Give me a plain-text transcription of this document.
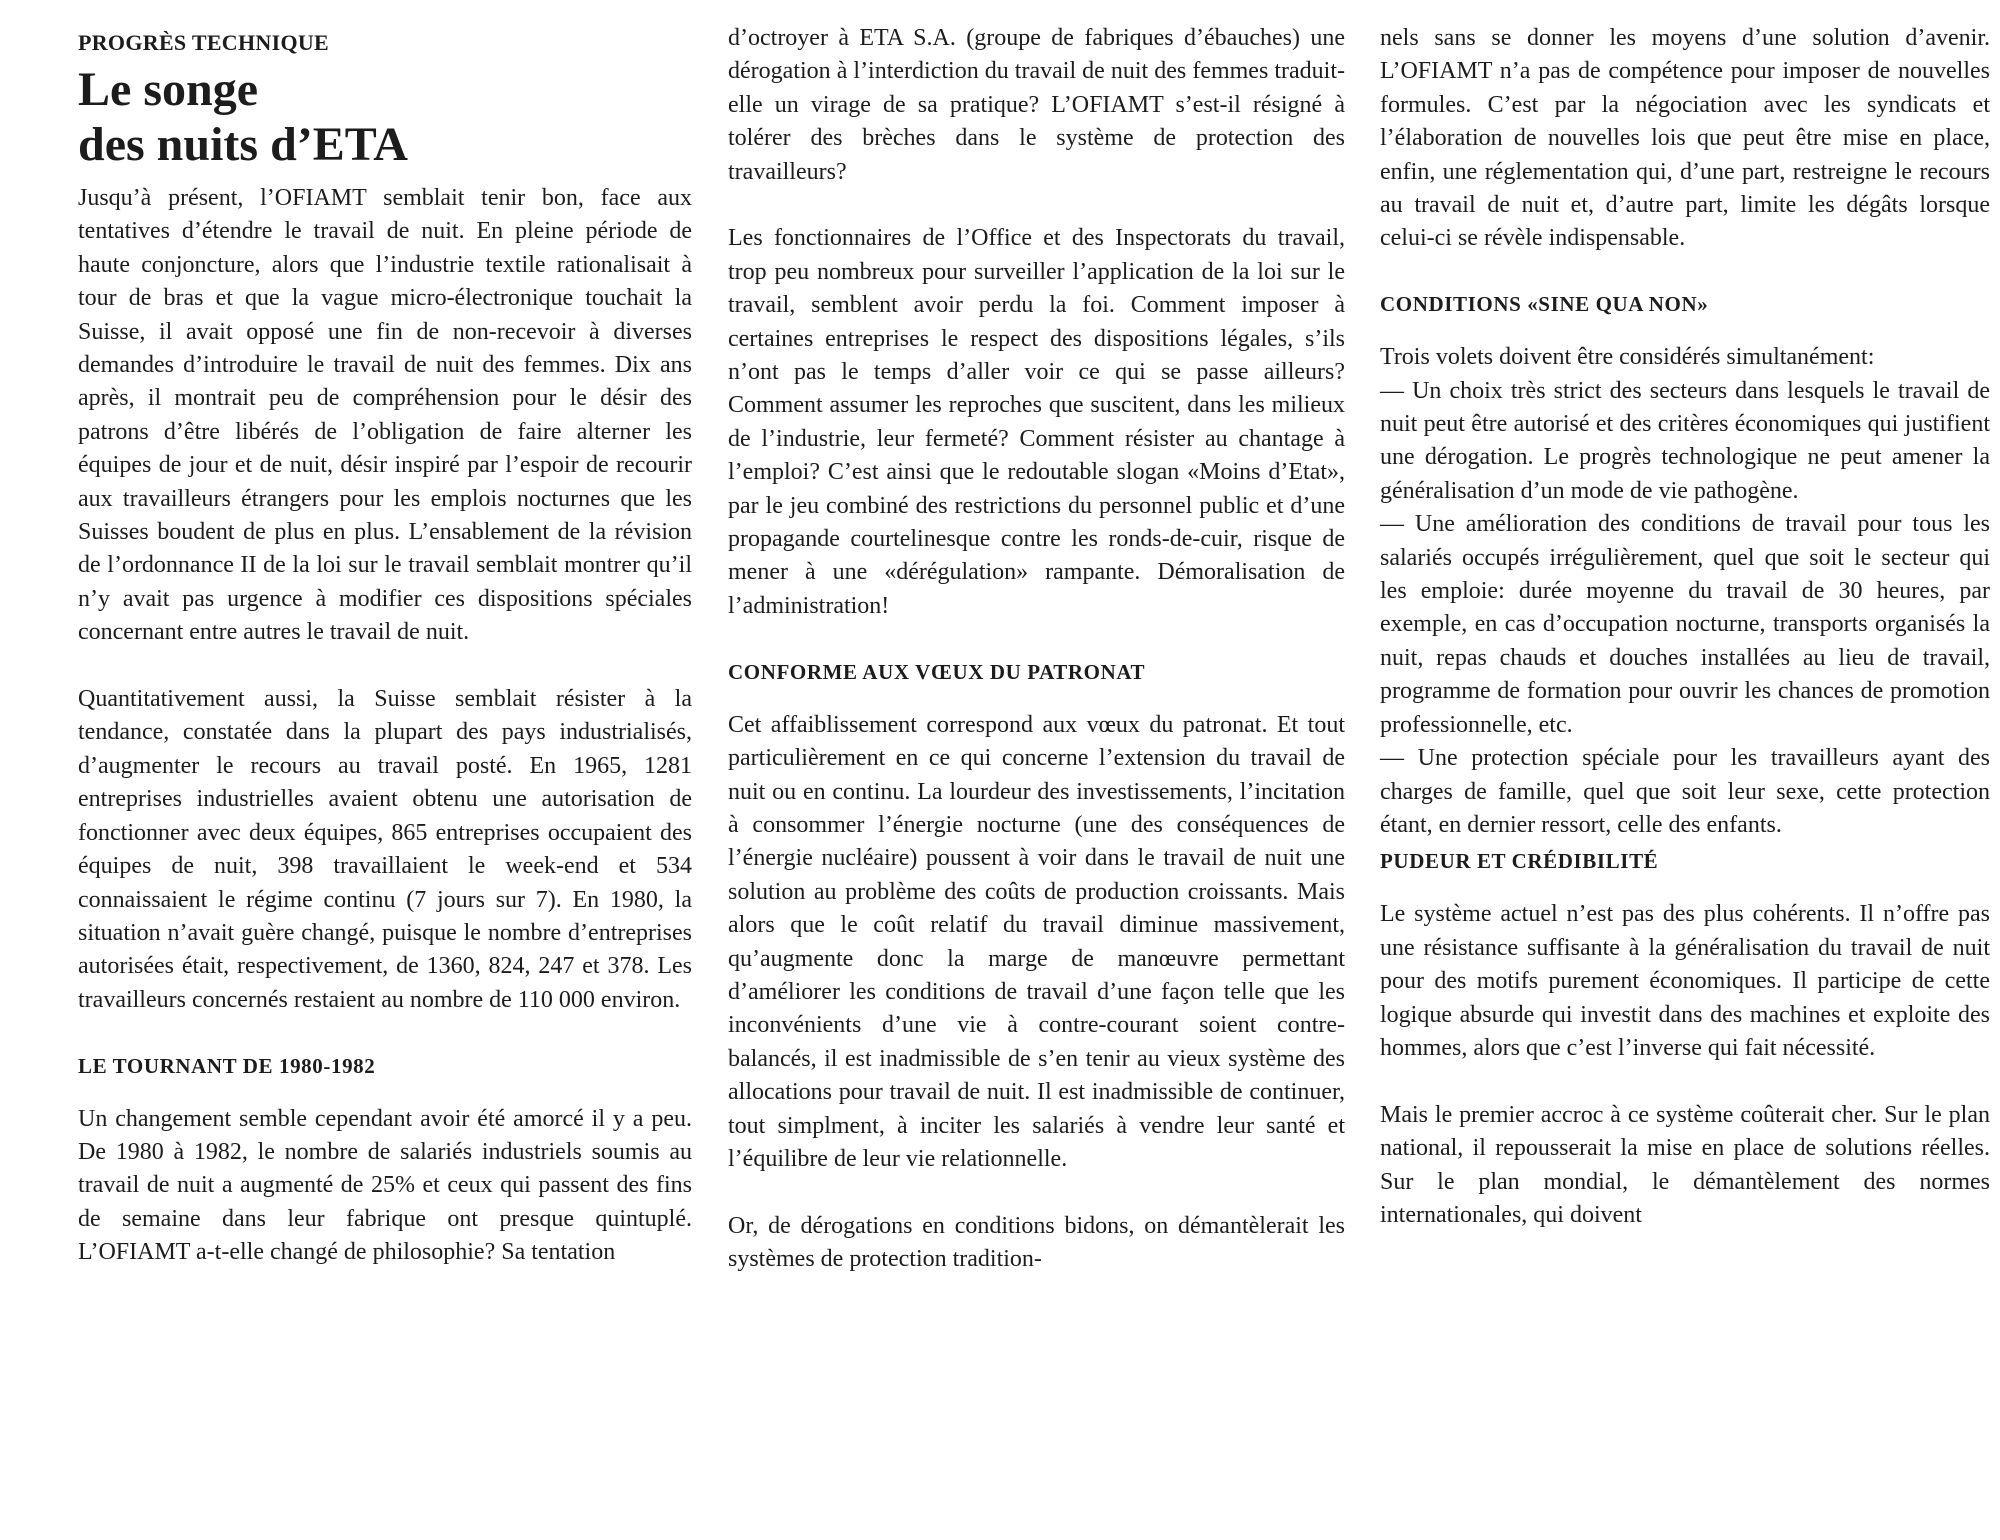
PROGRÈS TECHNIQUE
Le songe
des nuits d’ETA

Jusqu’à présent, l’OFIAMT semblait tenir bon, face aux tentatives d’étendre le travail de nuit. En pleine période de haute conjoncture, alors que l’industrie textile rationalisait à tour de bras et que la vague micro-électronique touchait la Suisse, il avait opposé une fin de non-recevoir à diverses demandes d’introduire le travail de nuit des femmes. Dix ans après, il montrait peu de compréhension pour le désir des patrons d’être libérés de l’obligation de faire alterner les équipes de jour et de nuit, désir inspiré par l’espoir de recourir aux travailleurs étrangers pour les emplois nocturnes que les Suisses boudent de plus en plus. L’ensablement de la révision de l’ordonnance II de la loi sur le travail semblait montrer qu’il n’y avait pas urgence à modifier ces dispositions spéciales concernant entre autres le travail de nuit.

Quantitativement aussi, la Suisse semblait résister à la tendance, constatée dans la plupart des pays industrialisés, d’augmenter le recours au travail posté. En 1965, 1281 entreprises industrielles avaient obtenu une autorisation de fonctionner avec deux équipes, 865 entreprises occupaient des équipes de nuit, 398 travaillaient le week-end et 534 connaissaient le régime continu (7 jours sur 7). En 1980, la situation n’avait guère changé, puisque le nombre d’entreprises autorisées était, respectivement, de 1360, 824, 247 et 378. Les travailleurs concernés restaient au nombre de 110 000 environ.

LE TOURNANT DE 1980-1982

Un changement semble cependant avoir été amorcé il y a peu. De 1980 à 1982, le nombre de salariés industriels soumis au travail de nuit a augmenté de 25% et ceux qui passent des fins de semaine dans leur fabrique ont presque quintuplé. L’OFIAMT a-t-elle changé de philosophie? Sa tentation

d’octroyer à ETA S.A. (groupe de fabriques d’ébauches) une dérogation à l’interdiction du travail de nuit des femmes traduit-elle un virage de sa pratique? L’OFIAMT s’est-il résigné à tolérer des brèches dans le système de protection des travailleurs?

Les fonctionnaires de l’Office et des Inspectorats du travail, trop peu nombreux pour surveiller l’application de la loi sur le travail, semblent avoir perdu la foi. Comment imposer à certaines entreprises le respect des dispositions légales, s’ils n’ont pas le temps d’aller voir ce qui se passe ailleurs? Comment assumer les reproches que suscitent, dans les milieux de l’industrie, leur fermeté? Comment résister au chantage à l’emploi? C’est ainsi que le redoutable slogan «Moins d’Etat», par le jeu combiné des restrictions du personnel public et d’une propagande courtelinesque contre les ronds-de-cuir, risque de mener à une «dérégulation» rampante. Démoralisation de l’administration!

CONFORME AUX VŒUX DU PATRONAT

Cet affaiblissement correspond aux vœux du patronat. Et tout particulièrement en ce qui concerne l’extension du travail de nuit ou en continu. La lourdeur des investissements, l’incitation à consommer l’énergie nocturne (une des conséquences de l’énergie nucléaire) poussent à voir dans le travail de nuit une solution au problème des coûts de production croissants. Mais alors que le coût relatif du travail diminue massivement, qu’augmente donc la marge de manœuvre permettant d’améliorer les conditions de travail d’une façon telle que les inconvénients d’une vie à contre-courant soient contre-balancés, il est inadmissible de s’en tenir au vieux système des allocations pour travail de nuit. Il est inadmissible de continuer, tout simplment, à inciter les salariés à vendre leur santé et l’équilibre de leur vie relationnelle.

Or, de dérogations en conditions bidons, on démantèlerait les systèmes de protection tradition-

nels sans se donner les moyens d’une solution d’avenir. L’OFIAMT n’a pas de compétence pour imposer de nouvelles formules. C’est par la négociation avec les syndicats et l’élaboration de nouvelles lois que peut être mise en place, enfin, une réglementation qui, d’une part, restreigne le recours au travail de nuit et, d’autre part, limite les dégâts lorsque celui-ci se révèle indispensable.

CONDITIONS «SINE QUA NON»

Trois volets doivent être considérés simultanément:

— Un choix très strict des secteurs dans lesquels le travail de nuit peut être autorisé et des critères économiques qui justifient une dérogation. Le progrès technologique ne peut amener la généralisation d’un mode de vie pathogène.

— Une amélioration des conditions de travail pour tous les salariés occupés irrégulièrement, quel que soit le secteur qui les emploie: durée moyenne du travail de 30 heures, par exemple, en cas d’occupation nocturne, transports organisés la nuit, repas chauds et douches installées au lieu de travail, programme de formation pour ouvrir les chances de promotion professionnelle, etc.

— Une protection spéciale pour les travailleurs ayant des charges de famille, quel que soit leur sexe, cette protection étant, en dernier ressort, celle des enfants.

PUDEUR ET CRÉDIBILITÉ

Le système actuel n’est pas des plus cohérents. Il n’offre pas une résistance suffisante à la généralisation du travail de nuit pour des motifs purement économiques. Il participe de cette logique absurde qui investit dans des machines et exploite des hommes, alors que c’est l’inverse qui fait nécessité.

Mais le premier accroc à ce système coûterait cher. Sur le plan national, il repousserait la mise en place de solutions réelles. Sur le plan mondial, le démantèlement des normes internationales, qui doivent
